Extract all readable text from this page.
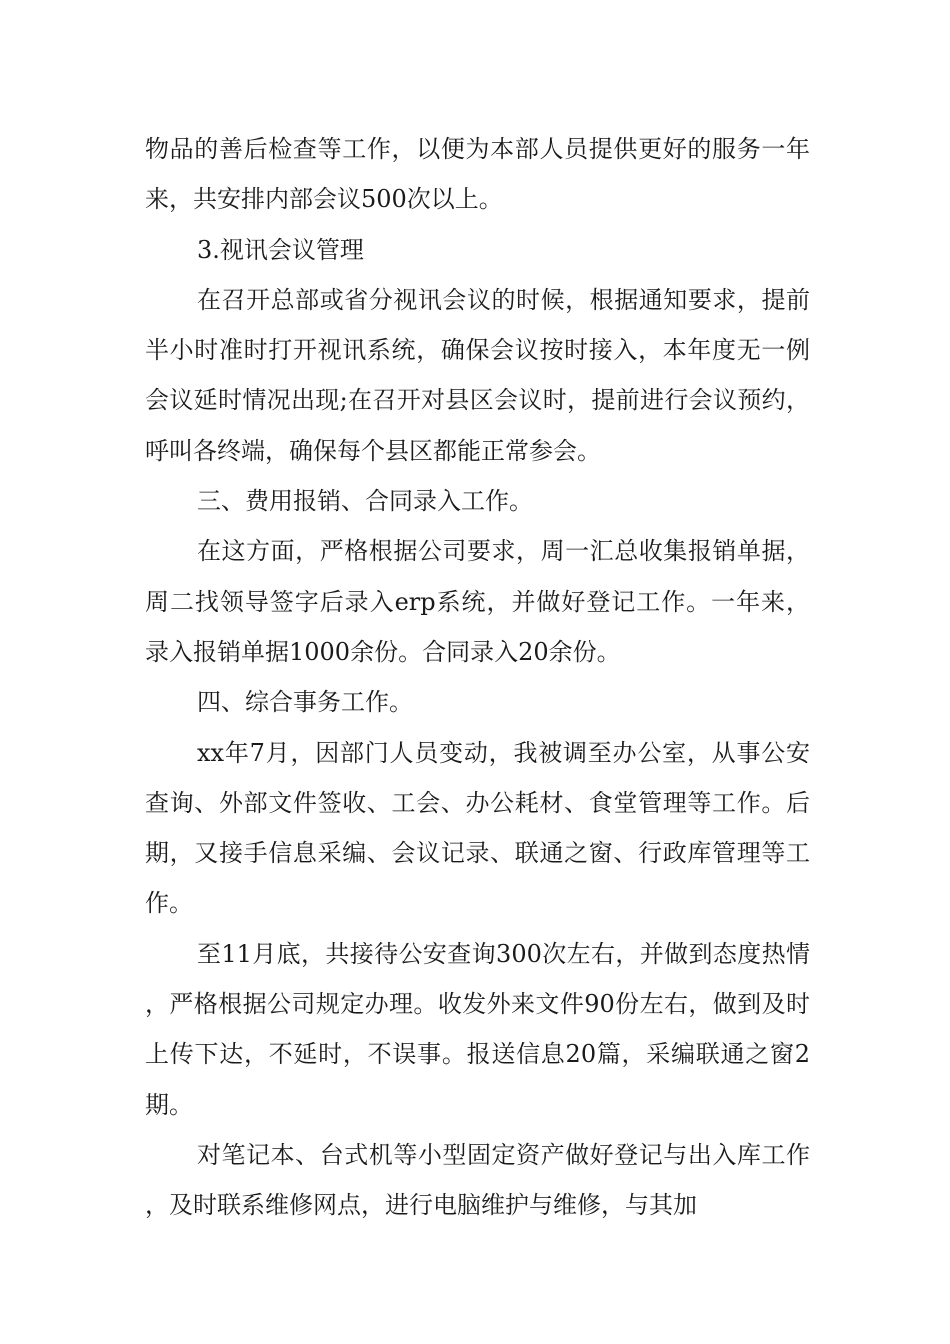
物品的善后检查等工作，以便为本部人员提供更好的服务一年来，共安排内部会议500次以上。

3.视讯会议管理

在召开总部或省分视讯会议的时候，根据通知要求，提前半小时准时打开视讯系统，确保会议按时接入，本年度无一例会议延时情况出现;在召开对县区会议时，提前进行会议预约，呼叫各终端，确保每个县区都能正常参会。

三、费用报销、合同录入工作。

在这方面，严格根据公司要求，周一汇总收集报销单据，周二找领导签字后录入erp系统，并做好登记工作。一年来，录入报销单据1000余份。合同录入20余份。

四、综合事务工作。

xx年7月，因部门人员变动，我被调至办公室，从事公安查询、外部文件签收、工会、办公耗材、食堂管理等工作。后期，又接手信息采编、会议记录、联通之窗、行政库管理等工作。

至11月底，共接待公安查询300次左右，并做到态度热情，严格根据公司规定办理。收发外来文件90份左右，做到及时上传下达，不延时，不误事。报送信息20篇，采编联通之窗2期。

对笔记本、台式机等小型固定资产做好登记与出入库工作，及时联系维修网点，进行电脑维护与维修，与其加
